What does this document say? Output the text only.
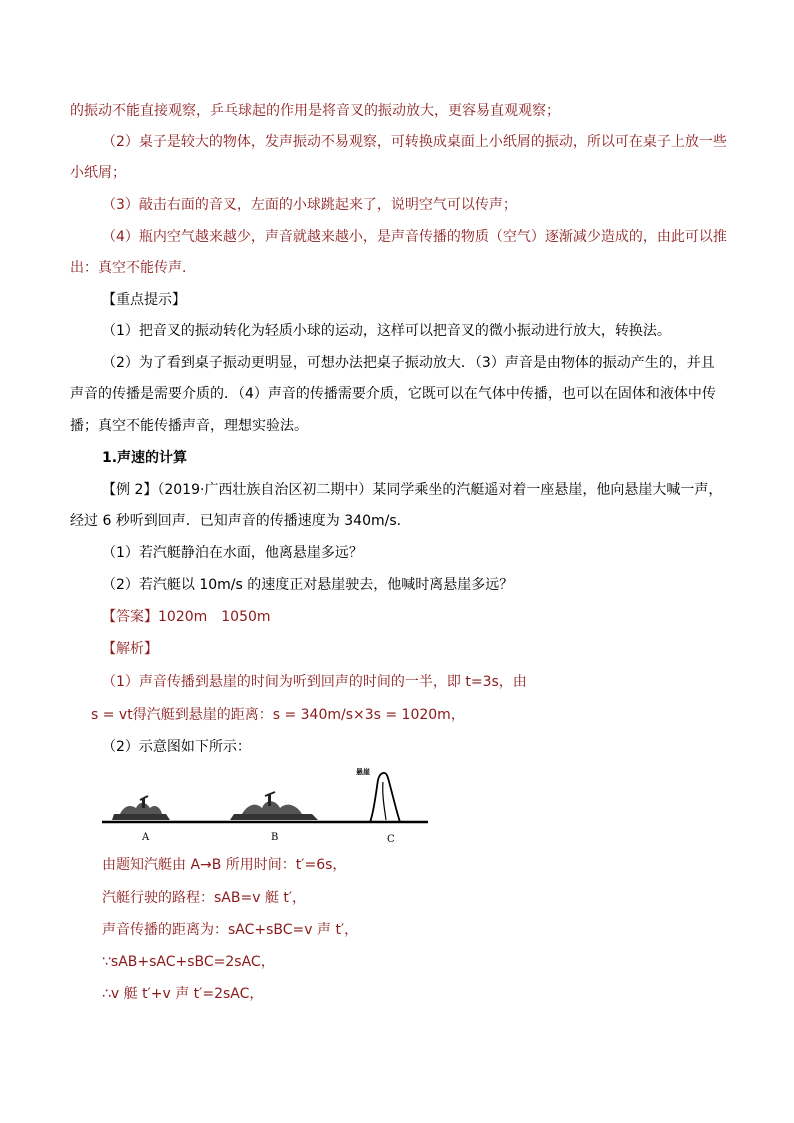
的振动不能直接观察，乒乓球起的作用是将音叉的振动放大，更容易直观观察；
（2）桌子是较大的物体，发声振动不易观察，可转换成桌面上小纸屑的振动，所以可在桌子上放一些
小纸屑；
（3）敲击右面的音叉，左面的小球跳起来了，说明空气可以传声；
（4）瓶内空气越来越少，声音就越来越小，是声音传播的物质（空气）逐渐减少造成的，由此可以推
出：真空不能传声．
【重点提示】
（1）把音叉的振动转化为轻质小球的运动，这样可以把音叉的微小振动进行放大，转换法。
（2）为了看到桌子振动更明显，可想办法把桌子振动放大．（3）声音是由物体的振动产生的，并且
声音的传播是需要介质的．（4）声音的传播需要介质，它既可以在气体中传播，也可以在固体和液体中传
播；真空不能传播声音，理想实验法。
1.声速的计算
【例 2】（2019·广西壮族自治区初二期中）某同学乘坐的汽艇遥对着一座悬崖，他向悬崖大喊一声，
经过 6 秒听到回声．已知声音的传播速度为 340m/s.
（1）若汽艇静泊在水面，他离悬崖多远？
（2）若汽艇以 10m/s 的速度正对悬崖驶去，他喊时离悬崖多远？
【答案】1020m　1050m
【解析】
（1）声音传播到悬崖的时间为听到回声的时间的一半，即 t=3s，由
s = vt得汽艇到悬崖的距离：s = 340m/s×3s = 1020m，
（2）示意图如下所示：
悬崖
A	B	C
由题知汽艇由 A→B 所用时间：t′=6s，
汽艇行驶的路程：sAB=v 艇 t′，
声音传播的距离为：sAC+sBC=v 声 t′，
∵sAB+sAC+sBC=2sAC，
∴v 艇 t′+v 声 t′=2sAC，
